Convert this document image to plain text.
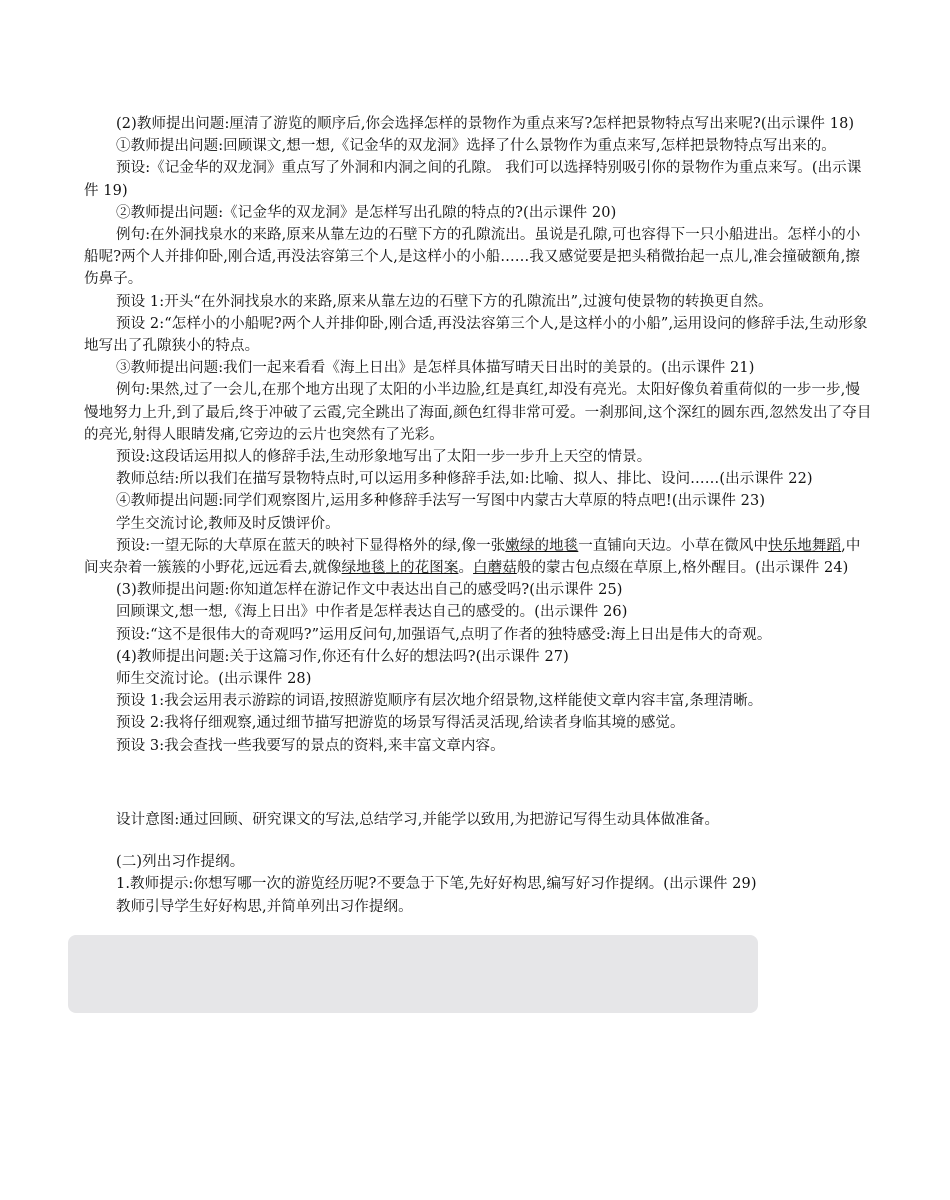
(2)教师提出问题:厘清了游览的顺序后,你会选择怎样的景物作为重点来写?怎样把景物特点写出来呢?(出示课件 18)

①教师提出问题:回顾课文,想一想,《记金华的双龙洞》选择了什么景物作为重点来写,怎样把景物特点写出来的。

预设:《记金华的双龙洞》重点写了外洞和内洞之间的孔隙。 我们可以选择特别吸引你的景物作为重点来写。(出示课件 19)

②教师提出问题:《记金华的双龙洞》是怎样写出孔隙的特点的?(出示课件 20)

例句:在外洞找泉水的来路,原来从靠左边的石壁下方的孔隙流出。虽说是孔隙,可也容得下一只小船进出。怎样小的小船呢?两个人并排仰卧,刚合适,再没法容第三个人,是这样小的小船……我又感觉要是把头稍微抬起一点儿,准会撞破额角,擦伤鼻子。

预设 1:开头“在外洞找泉水的来路,原来从靠左边的石壁下方的孔隙流出”,过渡句使景物的转换更自然。

预设 2:“怎样小的小船呢?两个人并排仰卧,刚合适,再没法容第三个人,是这样小的小船”,运用设问的修辞手法,生动形象地写出了孔隙狭小的特点。

③教师提出问题:我们一起来看看《海上日出》是怎样具体描写晴天日出时的美景的。(出示课件 21)

例句:果然,过了一会儿,在那个地方出现了太阳的小半边脸,红是真红,却没有亮光。太阳好像负着重荷似的一步一步,慢慢地努力上升,到了最后,终于冲破了云霞,完全跳出了海面,颜色红得非常可爱。一刹那间,这个深红的圆东西,忽然发出了夺目的亮光,射得人眼睛发痛,它旁边的云片也突然有了光彩。

预设:这段话运用拟人的修辞手法,生动形象地写出了太阳一步一步升上天空的情景。

教师总结:所以我们在描写景物特点时,可以运用多种修辞手法,如:比喻、拟人、排比、设问……(出示课件 22)

④教师提出问题:同学们观察图片,运用多种修辞手法写一写图中内蒙古大草原的特点吧!(出示课件 23)

学生交流讨论,教师及时反馈评价。

预设:一望无际的大草原在蓝天的映衬下显得格外的绿,像一张嫩绿的地毯一直铺向天边。小草在微风中快乐地舞蹈,中间夹杂着一簇簇的小野花,远远看去,就像绿地毯上的花图案。白蘑菇般的蒙古包点缀在草原上,格外醒目。(出示课件 24)

(3)教师提出问题:你知道怎样在游记作文中表达出自己的感受吗?(出示课件 25)

回顾课文,想一想,《海上日出》中作者是怎样表达自己的感受的。(出示课件 26)

预设:“这不是很伟大的奇观吗?”运用反问句,加强语气,点明了作者的独特感受:海上日出是伟大的奇观。

(4)教师提出问题:关于这篇习作,你还有什么好的想法吗?(出示课件 27)

师生交流讨论。(出示课件 28)

预设 1:我会运用表示游踪的词语,按照游览顺序有层次地介绍景物,这样能使文章内容丰富,条理清晰。

预设 2:我将仔细观察,通过细节描写把游览的场景写得活灵活现,给读者身临其境的感觉。

预设 3:我会查找一些我要写的景点的资料,来丰富文章内容。

设计意图:通过回顾、研究课文的写法,总结学习,并能学以致用,为把游记写得生动具体做准备。

(二)列出习作提纲。

1.教师提示:你想写哪一次的游览经历呢?不要急于下笔,先好好构思,编写好习作提纲。(出示课件 29)

教师引导学生好好构思,并简单列出习作提纲。
